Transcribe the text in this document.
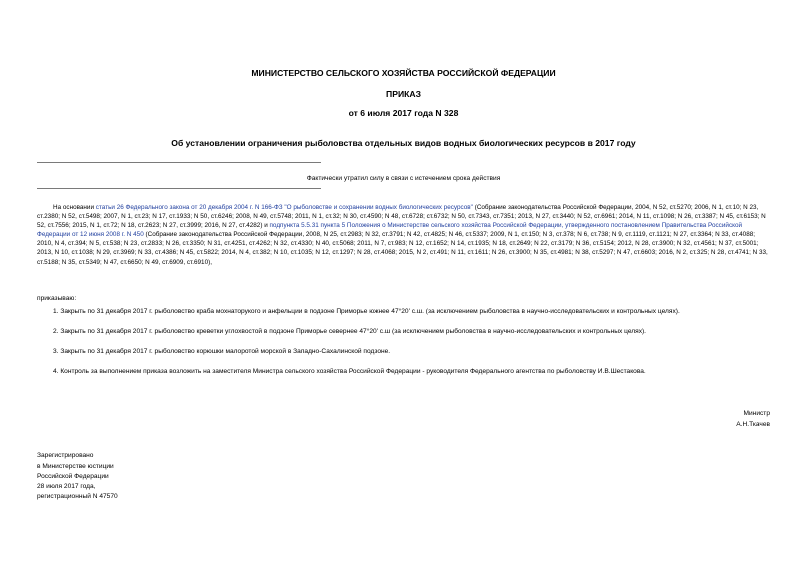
МИНИСТЕРСТВО СЕЛЬСКОГО ХОЗЯЙСТВА РОССИЙСКОЙ ФЕДЕРАЦИИ
ПРИКАЗ
от 6 июля 2017 года N 328
Об установлении ограничения рыболовства отдельных видов водных биологических ресурсов в 2017 году
Фактически утратил силу в связи с истечением срока действия
На основании статьи 26 Федерального закона от 20 декабря 2004 г. N 166-ФЗ "О рыболовстве и сохранении водных биологических ресурсов" (Собрание законодательства Российской Федерации, 2004, N 52, ст.5270; 2006, N 1, ст.10; N 23, ст.2380; N 52, ст.5498; 2007, N 1, ст.23; N 17, ст.1933; N 50, ст.6246; 2008, N 49, ст.5748; 2011, N 1, ст.32; N 30, ст.4590; N 48, ст.6728; ст.6732; N 50, ст.7343, ст.7351; 2013, N 27, ст.3440; N 52, ст.6961; 2014, N 11, ст.1098; N 26, ст.3387; N 45, ст.6153; N 52, ст.7556; 2015, N 1, ст.72; N 18, ст.2623; N 27, ст.3999; 2016, N 27, ст.4282) и подпункта 5.5.31 пункта 5 Положения о Министерстве сельского хозяйства Российской Федерации, утвержденного постановлением Правительства Российской Федерации от 12 июня 2008 г. N 450 (Собрание законодательства Российской Федерации, 2008, N 25, ст.2983; N 32, ст.3791; N 42, ст.4825; N 46, ст.5337; 2009, N 1, ст.150; N 3, ст.378; N 6, ст.738; N 9, ст.1119, ст.1121; N 27, ст.3364; N 33, ст.4088; 2010, N 4, ст.394; N 5, ст.538; N 23, ст.2833; N 26, ст.3350; N 31, ст.4251, ст.4262; N 32, ст.4330; N 40, ст.5068; 2011, N 7, ст.983; N 12, ст.1652; N 14, ст.1935; N 18, ст.2649; N 22, ст.3179; N 36, ст.5154; 2012, N 28, ст.3900; N 32, ст.4561; N 37, ст.5001; 2013, N 10, ст.1038; N 29, ст.3969; N 33, ст.4386; N 45, ст.5822; 2014, N 4, ст.382; N 10, ст.1035; N 12, ст.1297; N 28, ст.4068; 2015, N 2, ст.491; N 11, ст.1611; N 26, ст.3900; N 35, ст.4981; N 38, ст.5297; N 47, ст.6603; 2016, N 2, ст.325; N 28, ст.4741; N 33, ст.5188; N 35, ст.5349; N 47, ст.6650; N 49, ст.6909, ст.6910),
приказываю:
1. Закрыть по 31 декабря 2017 г. рыболовство краба мохнаторукого и анфельции в подзоне Приморье южнее 47°20' с.ш. (за исключением рыболовства в научно-исследовательских и контрольных целях).
2. Закрыть по 31 декабря 2017 г. рыболовство креветки углохвостой в подзоне Приморье севернее 47°20' с.ш (за исключением рыболовства в научно-исследовательских и контрольных целях).
3. Закрыть по 31 декабря 2017 г. рыболовство корюшки малоротой морской в Западно-Сахалинской подзоне.
4. Контроль за выполнением приказа возложить на заместителя Министра сельского хозяйства Российской Федерации - руководителя Федерального агентства по рыболовству И.В.Шестакова.
Министр
А.Н.Ткачев
Зарегистрировано
в Министерстве юстиции
Российской Федерации
28 июля 2017 года,
регистрационный N 47570
